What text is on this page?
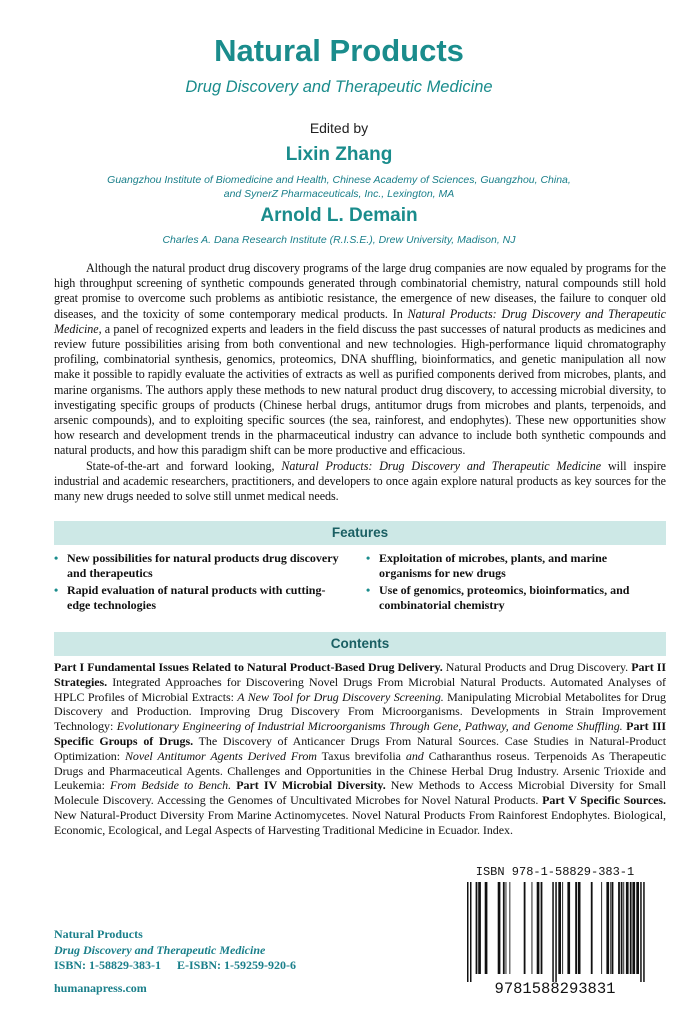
Natural Products
Drug Discovery and Therapeutic Medicine
Edited by
Lixin Zhang
Guangzhou Institute of Biomedicine and Health, Chinese Academy of Sciences, Guangzhou, China,
and SynerZ Pharmaceuticals, Inc., Lexington, MA
Arnold L. Demain
Charles A. Dana Research Institute (R.I.S.E.), Drew University, Madison, NJ

Although the natural product drug discovery programs of the large drug companies are now equaled by programs for the high throughput screening of synthetic compounds generated through combinatorial chemistry, natural compounds still hold great promise to overcome such problems as antibiotic resistance, the emergence of new diseases, the failure to conquer old diseases, and the toxicity of some contemporary medical products. In Natural Products: Drug Discovery and Therapeutic Medicine, a panel of recognized experts and leaders in the field discuss the past successes of natural products as medicines and review future possibilities arising from both conventional and new technologies. High-performance liquid chromatography profiling, combinatorial synthesis, genomics, proteomics, DNA shuffling, bioinformatics, and genetic manipulation all now make it possible to rapidly evaluate the activities of extracts as well as purified components derived from microbes, plants, and marine organisms. The authors apply these methods to new natural product drug discovery, to accessing microbial diversity, to investigating specific groups of products (Chinese herbal drugs, antitumor drugs from microbes and plants, terpenoids, and arsenic compounds), and to exploiting specific sources (the sea, rainforest, and endophytes). These new opportunities show how research and development trends in the pharmaceutical industry can advance to include both synthetic compounds and natural products, and how this paradigm shift can be more productive and efficacious.

State-of-the-art and forward looking, Natural Products: Drug Discovery and Therapeutic Medicine will inspire industrial and academic researchers, practitioners, and developers to once again explore natural products as key sources for the many new drugs needed to solve still unmet medical needs.

Features
• New possibilities for natural products drug discovery and therapeutics
• Rapid evaluation of natural products with cutting-edge technologies
• Exploitation of microbes, plants, and marine organisms for new drugs
• Use of genomics, proteomics, bioinformatics, and combinatorial chemistry
Contents
Part I Fundamental Issues Related to Natural Product-Based Drug Delivery. Natural Products and Drug Discovery. Part II Strategies. Integrated Approaches for Discovering Novel Drugs From Microbial Natural Products. Automated Analyses of HPLC Profiles of Microbial Extracts: A New Tool for Drug Discovery Screening. Manipulating Microbial Metabolites for Drug Discovery and Production. Improving Drug Discovery From Microorganisms. Developments in Strain Improvement Technology: Evolutionary Engineering of Industrial Microorganisms Through Gene, Pathway, and Genome Shuffling. Part III Specific Groups of Drugs. The Discovery of Anticancer Drugs From Natural Sources. Case Studies in Natural-Product Optimization: Novel Antitumor Agents Derived From Taxus brevifolia and Catharanthus roseus. Terpenoids As Therapeutic Drugs and Pharmaceutical Agents. Challenges and Opportunities in the Chinese Herbal Drug Industry. Arsenic Trioxide and Leukemia: From Bedside to Bench. Part IV Microbial Diversity. New Methods to Access Microbial Diversity for Small Molecule Discovery. Accessing the Genomes of Uncultivated Microbes for Novel Natural Products. Part V Specific Sources. New Natural-Product Diversity From Marine Actinomycetes. Novel Natural Products From Rainforest Endophytes. Biological, Economic, Ecological, and Legal Aspects of Harvesting Traditional Medicine in Ecuador. Index.
ISBN 978-1-58829-383-1
9781588293831
Natural Products
Drug Discovery and Therapeutic Medicine
ISBN: 1-58829-383-1 E-ISBN: 1-59259-920-6
humanapress.com
